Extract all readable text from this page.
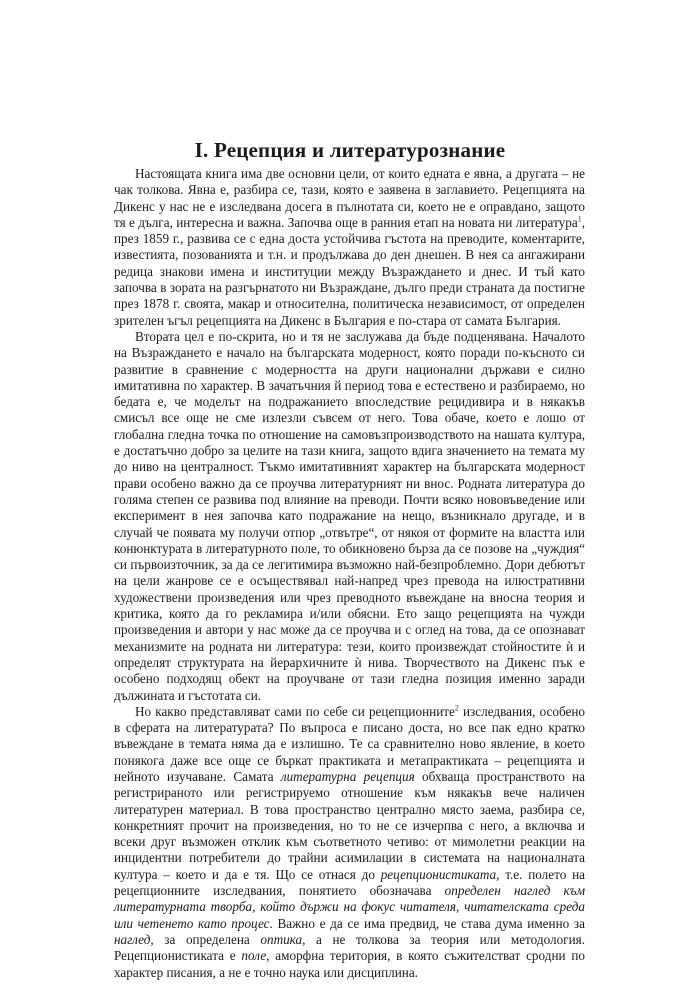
I. Рецепция и литературознание

Настоящата книга има две основни цели, от които едната е явна, а другата – не чак толкова. Явна е, разбира се, тази, която е заявена в заглавието. Рецепцията на Дикенс у нас не е изследвана досега в пълнотата си, което не е оправдано, защото тя е дълга, интересна и важна. Започва още в ранния етап на новата ни литература$^1$, през 1859 г., развива се с една доста устойчива гъстота на преводите, коментарите, известията, позованията и т.н. и продължава до ден днешен. В нея са ангажирани редица знакови имена и институции между Възраждането и днес. И тъй като започва в зората на разгърнатото ни Възраждане, дълго преди страната да постигне през 1878 г. своята, макар и относителна, политическа независимост, от определен зрителен ъгъл рецепцията на Дикенс в България е по-стара от самата България.

Втората цел е по-скрита, но и тя не заслужава да бъде подценявана. Началото на Възраждането е начало на българската модерност, която поради по-късното си развитие в сравнение с модерността на други национални държави е силно имитативна по характер. В зачатъчния й период това е естествено и разбираемо, но бедата е, че моделът на подражанието впоследствие рецидивира и в някакъв смисъл все още не сме излезли съвсем от него. Това обаче, което е лошо от глобална гледна точка по отношение на самовъзпроизводството на нашата култура, е достатъчно добро за целите на тази книга, защото вдига значението на темата му до ниво на централност. Тъкмо имитативният характер на българската модерност прави особено важно да се проучва литературният ни внос. Родната литература до голяма степен се развива под влияние на преводи. Почти всяко нововъведение или експеримент в нея започва като подражание на нещо, възникнало другаде, и в случай че появата му получи отпор „отвътре“, от някоя от формите на властта или конюнктурата в литературното поле, то обикновено бърза да се позове на „чуждия“ си първоизточник, за да се легитимира възможно най-безпроблемно. Дори дебютът на цели жанрове се е осъществявал най-напред чрез превода на илюстративни художествени произведения или чрез преводното въвеждане на вносна теория и критика, която да го рекламира и/или обясни. Ето защо рецепцията на чужди произведения и автори у нас може да се проучва и с оглед на това, да се опознават механизмите на родната ни литература: тези, които произвеждат стойностите ѝ и определят структурата на йерархичните ѝ нива. Творчеството на Дикенс пък е особено подходящ обект на проучване от тази гледна позиция именно заради дължината и гъстотата си.

Но какво представляват сами по себе си рецепционните$^2$ изследвания, особено в сферата на литературата? По въпроса е писано доста, но все пак едно кратко въвеждане в темата няма да е излишно. Те са сравнително ново явление, в което понякога даже все още се бъркат практиката и метапрактиката – рецепцията и нейното изучаване. Самата литературна рецепция обхваща пространството на регистрираното или регистрируемо отношение към някакъв вече наличен литературен материал. В това пространство централно място заема, разбира се, конкретният прочит на произведения, но то не се изчерпва с него, а включва и всеки друг възможен отклик към съответното четиво: от мимолетни реакции на инцидентни потребители до трайни асимилации в системата на националната култура – което и да е тя. Що се отнася до рецепционистиката, т.е. полето на рецепционните изследвания, понятието обозначава определен наглед към литературната творба, който държи на фокус читателя, читателската среда или четенето като процес. Важно е да се има предвид, че става дума именно за наглед, за определена оптика, а не толкова за теория или методология. Рецепционистиката е поле, аморфна територия, в която съжителстват сродни по характер писания, а не е точно наука или дисциплина.
